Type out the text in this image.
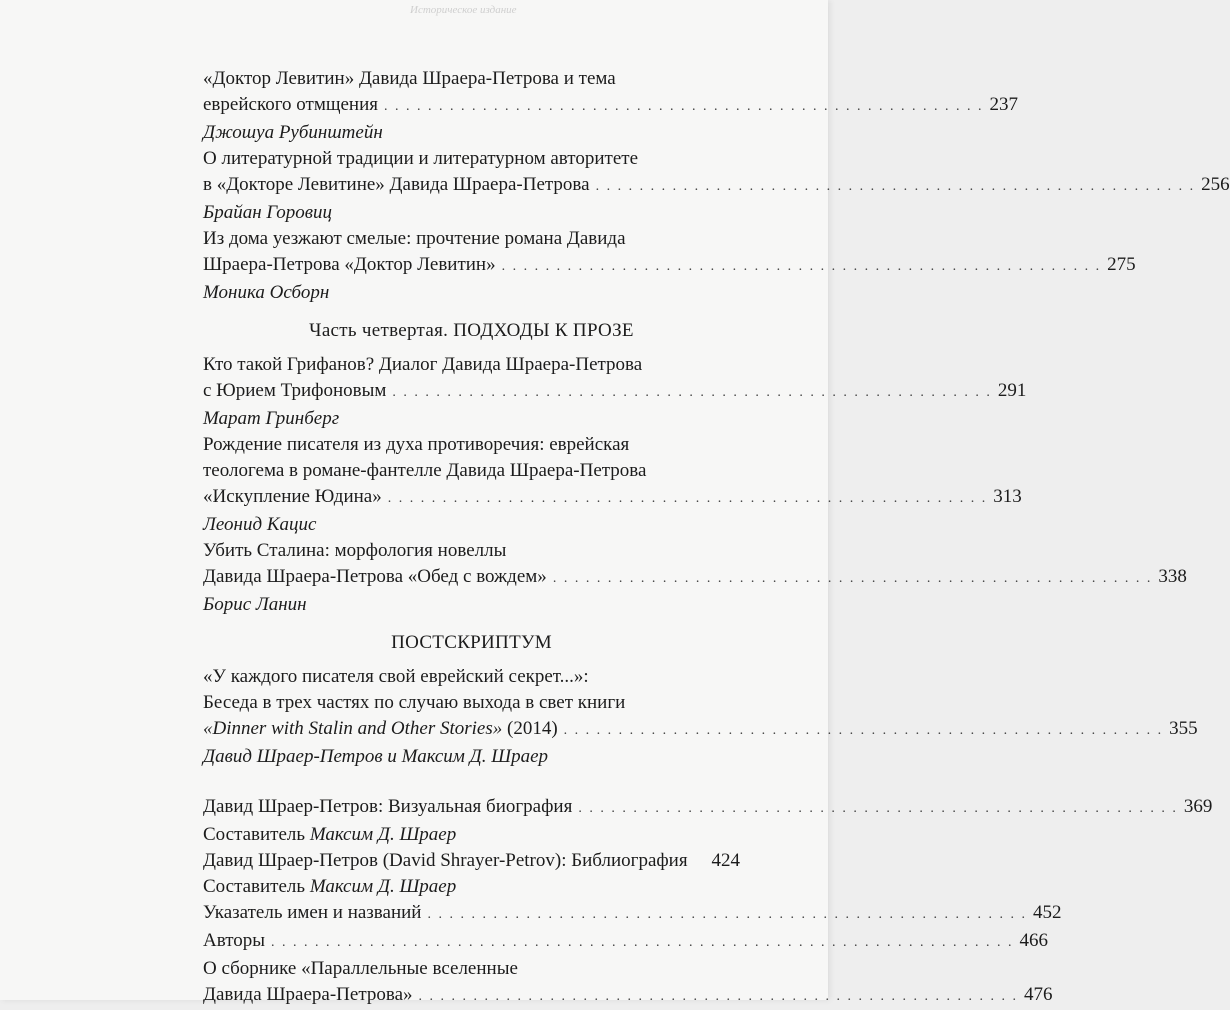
Историческое издание
«Доктор Левитин» Давида Шраера-Петрова и тема
еврейского отмщения . . . . . . . . . . . . . . . . . . . . . . . . . . . . . . . . . . . . . . . . . . . . . . . . . . . . . . . 237
Джошуа Рубинштейн
О литературной традиции и литературном авторитете
в «Докторе Левитине» Давида Шраера-Петрова . . . . . . . . . . . . . . . . . . . . . . . . . . . . . . . . . . . . . . . . . . . . . . . . . . . . . . . 256
Брайан Горовиц
Из дома уезжают смелые: прочтение романа Давида
Шраера-Петрова «Доктор Левитин» . . . . . . . . . . . . . . . . . . . . . . . . . . . . . . . . . . . . . . . . . . . . . . . . . . . . . . . 275
Моника Осборн
Часть четвертая. ПОДХОДЫ К ПРОЗЕ
Кто такой Грифанов? Диалог Давида Шраера-Петрова
с Юрием Трифоновым . . . . . . . . . . . . . . . . . . . . . . . . . . . . . . . . . . . . . . . . . . . . . . . . . . . . . . . 291
Марат Гринберг
Рождение писателя из духа противоречия: еврейская
теологема в романе-фантелле Давида Шраера-Петрова
«Искупление Юдина» . . . . . . . . . . . . . . . . . . . . . . . . . . . . . . . . . . . . . . . . . . . . . . . . . . . . . . . 313
Леонид Кацис
Убить Сталина: морфология новеллы
Давида Шраера-Петрова «Обед с вождем» . . . . . . . . . . . . . . . . . . . . . . . . . . . . . . . . . . . . . . . . . . . . . . . . . . . . . . . 338
Борис Ланин
ПОСТСКРИПТУМ
«У каждого писателя свой еврейский секрет...»:
Беседа в трех частях по случаю выхода в свет книги
«Dinner with Stalin and Other Stories» (2014) . . . . . . . . . . . . . . . . . . . . . . . . . . . . . . . . . . . . . . . . . . . . . . . . . . . . . . . 355
Давид Шраер-Петров и Максим Д. Шраер
Давид Шраер-Петров: Визуальная биография . . . . . . . . . . . . . . . . . . . . . . . . . . . . . . . . . . . . . . . . . . . . . . . . . . . . . . . 369
Составитель Максим Д. Шраер
Давид Шраер-Петров (David Shrayer-Petrov): Библиография 424
Составитель Максим Д. Шраер
Указатель имен и названий . . . . . . . . . . . . . . . . . . . . . . . . . . . . . . . . . . . . . . . . . . . . . . . . . . . . . . . 452
Авторы . . . . . . . . . . . . . . . . . . . . . . . . . . . . . . . . . . . . . . . . . . . . . . . . . . . . . . . . . . . . . . . . . . . . 466
О сборнике «Параллельные вселенные
Давида Шраера-Петрова» . . . . . . . . . . . . . . . . . . . . . . . . . . . . . . . . . . . . . . . . . . . . . . . . . . . . . . . 476
